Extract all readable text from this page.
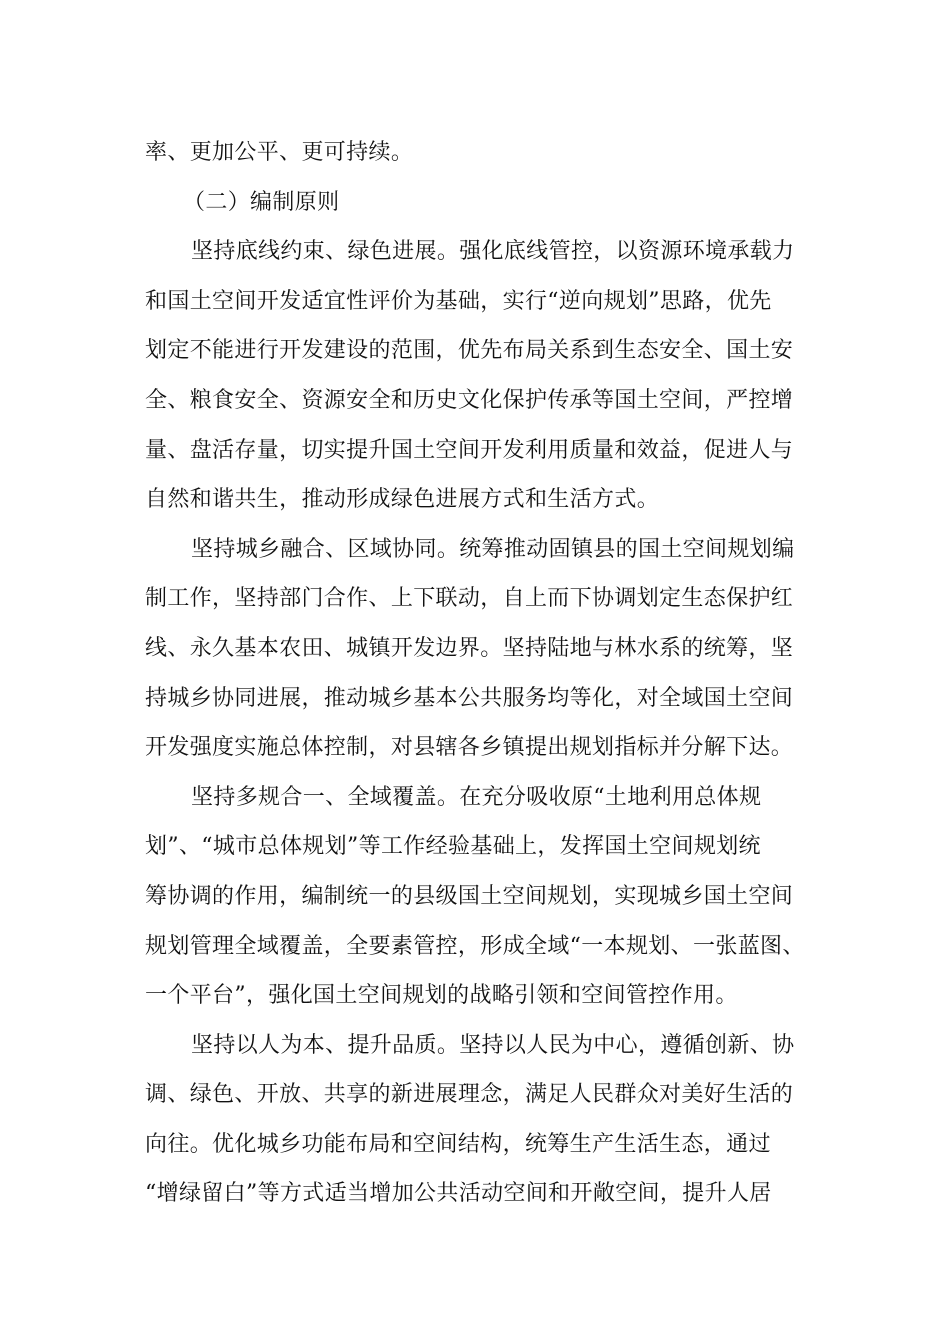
率、更加公平、更可持续。
（二）编制原则
坚持底线约束、绿色进展。强化底线管控，以资源环境承载力
和国土空间开发适宜性评价为基础，实行“逆向规划”思路，优先
划定不能进行开发建设的范围，优先布局关系到生态安全、国土安
全、粮食安全、资源安全和历史文化保护传承等国土空间，严控增
量、盘活存量，切实提升国土空间开发利用质量和效益，促进人与
自然和谐共生，推动形成绿色进展方式和生活方式。
坚持城乡融合、区域协同。统筹推动固镇县的国土空间规划编
制工作，坚持部门合作、上下联动，自上而下协调划定生态保护红
线、永久基本农田、城镇开发边界。坚持陆地与林水系的统筹，坚
持城乡协同进展，推动城乡基本公共服务均等化，对全域国土空间
开发强度实施总体控制，对县辖各乡镇提出规划指标并分解下达。
坚持多规合一、全域覆盖。在充分吸收原“土地利用总体规
划”、“城市总体规划”等工作经验基础上，发挥国土空间规划统
筹协调的作用，编制统一的县级国土空间规划，实现城乡国土空间
规划管理全域覆盖，全要素管控，形成全域“一本规划、一张蓝图、
一个平台”，强化国土空间规划的战略引领和空间管控作用。
坚持以人为本、提升品质。坚持以人民为中心，遵循创新、协
调、绿色、开放、共享的新进展理念，满足人民群众对美好生活的
向往。优化城乡功能布局和空间结构，统筹生产生活生态，通过
“增绿留白”等方式适当增加公共活动空间和开敞空间，提升人居
